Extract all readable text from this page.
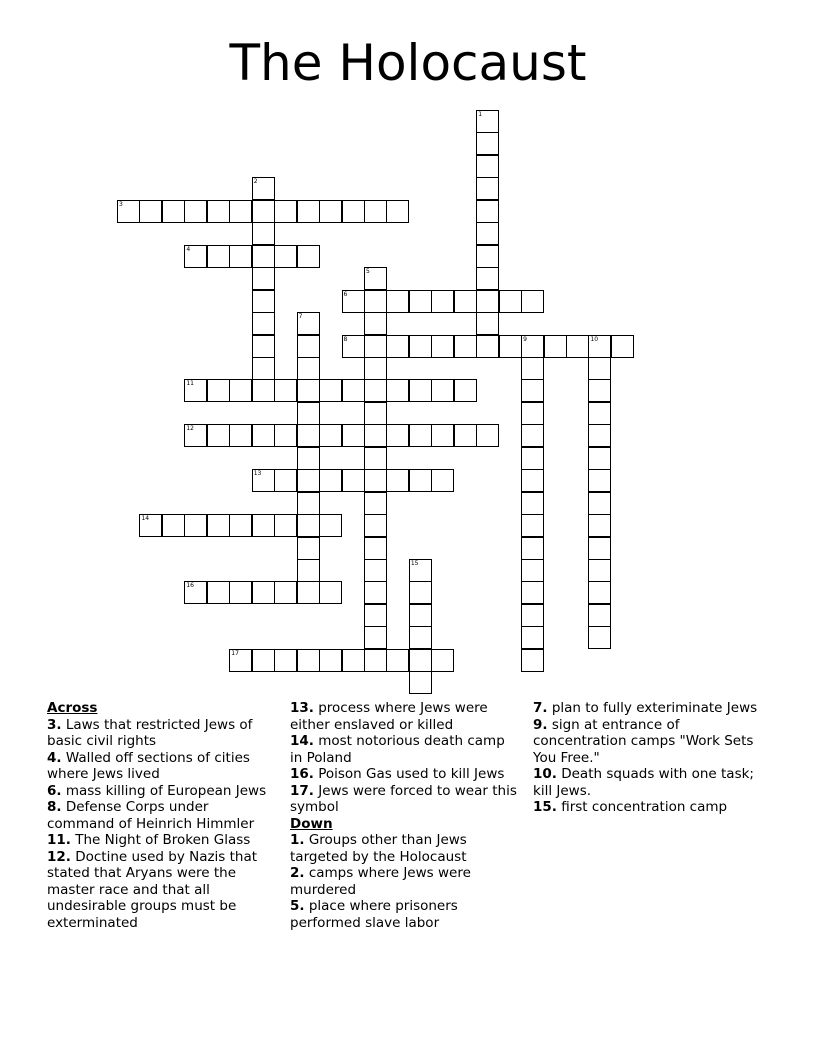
The Holocaust
1
2
3
4
5
6
7
8	9	10
11
12
13
14
15
16
17
Across
3. Laws that restricted Jews of basic civil rights
4. Walled off sections of cities where Jews lived
6. mass killing of European Jews
8. Defense Corps under command of Heinrich Himmler
11. The Night of Broken Glass
12. Doctine used by Nazis that stated that Aryans were the master race and that all undesirable groups must be exterminated
13. process where Jews were either enslaved or killed
14. most notorious death camp in Poland
16. Poison Gas used to kill Jews
17. Jews were forced to wear this symbol
Down
1. Groups other than Jews targeted by the Holocaust
2. camps where Jews were murdered
5. place where prisoners performed slave labor
7. plan to fully exteriminate Jews
9. sign at entrance of concentration camps "Work Sets You Free."
10. Death squads with one task; kill Jews.
15. first concentration camp
